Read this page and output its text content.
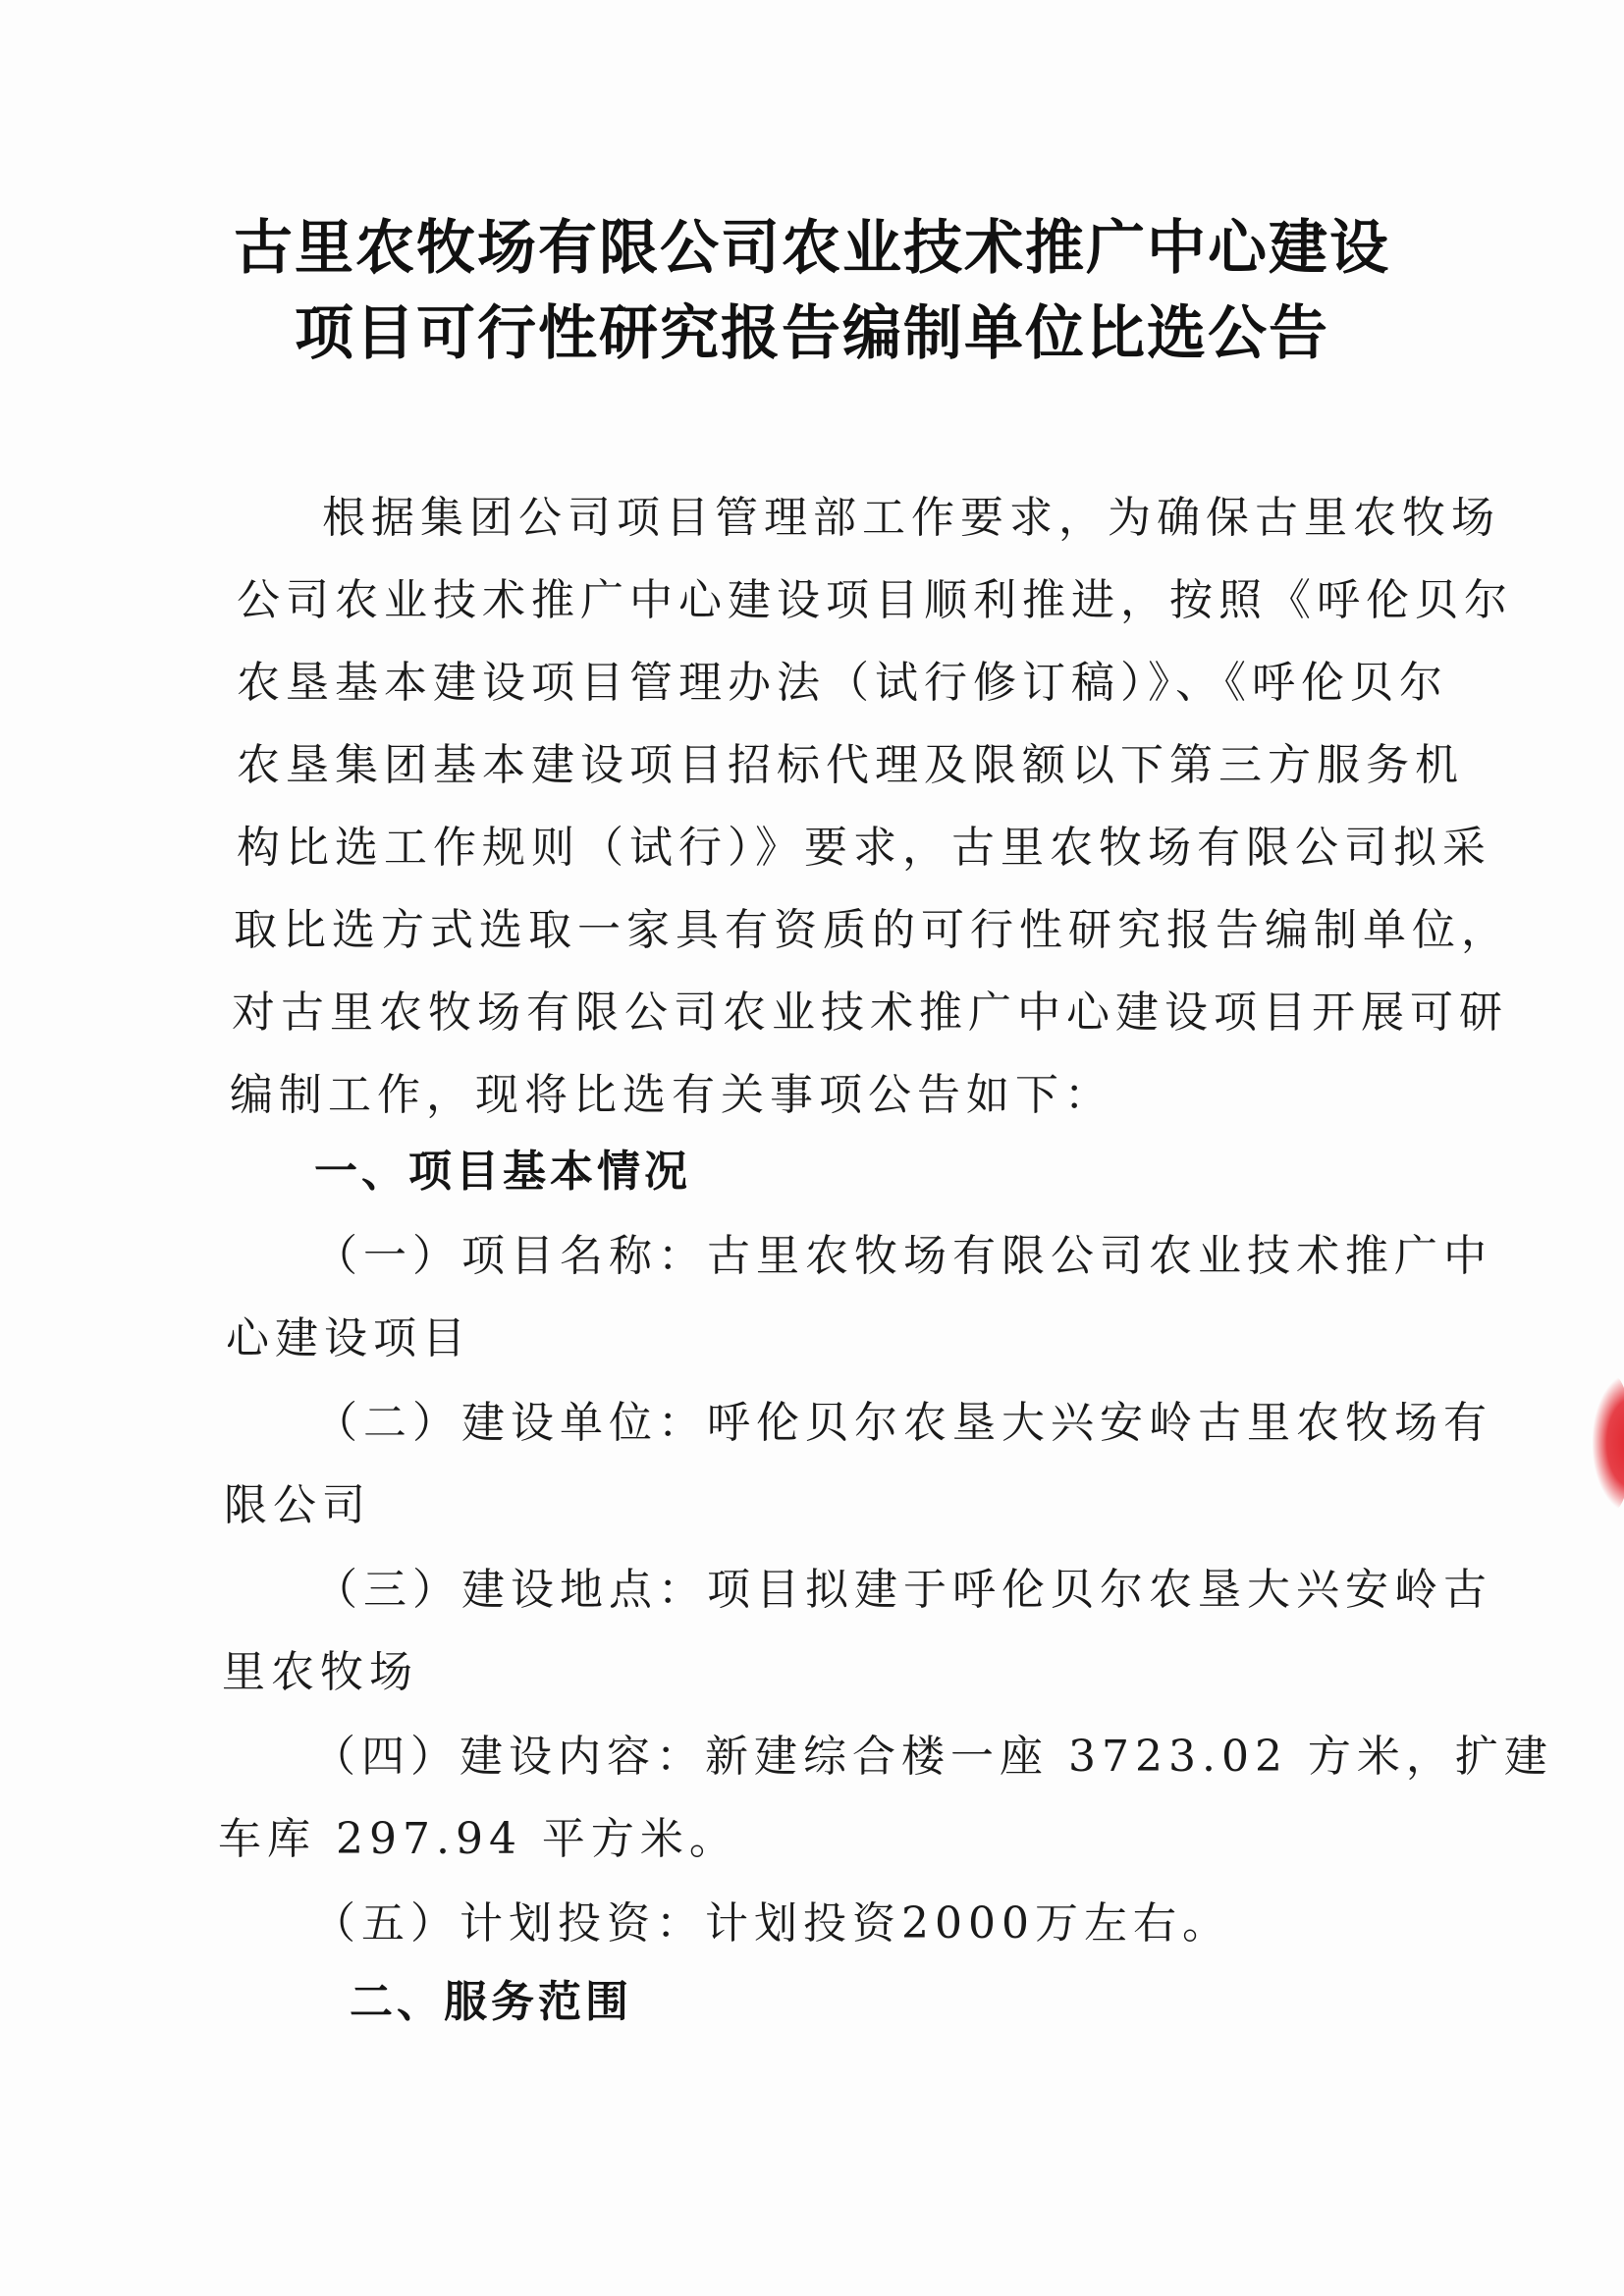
古里农牧场有限公司农业技术推广中心建设
项目可行性研究报告编制单位比选公告
根据集团公司项目管理部工作要求，为确保古里农牧场
公司农业技术推广中心建设项目顺利推进，按照《呼伦贝尔
农垦基本建设项目管理办法（试行修订稿）》、《呼伦贝尔
农垦集团基本建设项目招标代理及限额以下第三方服务机
构比选工作规则（试行）》要求，古里农牧场有限公司拟采
取比选方式选取一家具有资质的可行性研究报告编制单位，
对古里农牧场有限公司农业技术推广中心建设项目开展可研
编制工作，现将比选有关事项公告如下：
一、项目基本情况
（一）项目名称：古里农牧场有限公司农业技术推广中
心建设项目
（二）建设单位：呼伦贝尔农垦大兴安岭古里农牧场有
限公司
（三）建设地点：项目拟建于呼伦贝尔农垦大兴安岭古
里农牧场
（四）建设内容：新建综合楼一座 3723.02 方米，扩建
车库 297.94 平方米。
（五）计划投资：计划投资2000万左右。
二、服务范围
